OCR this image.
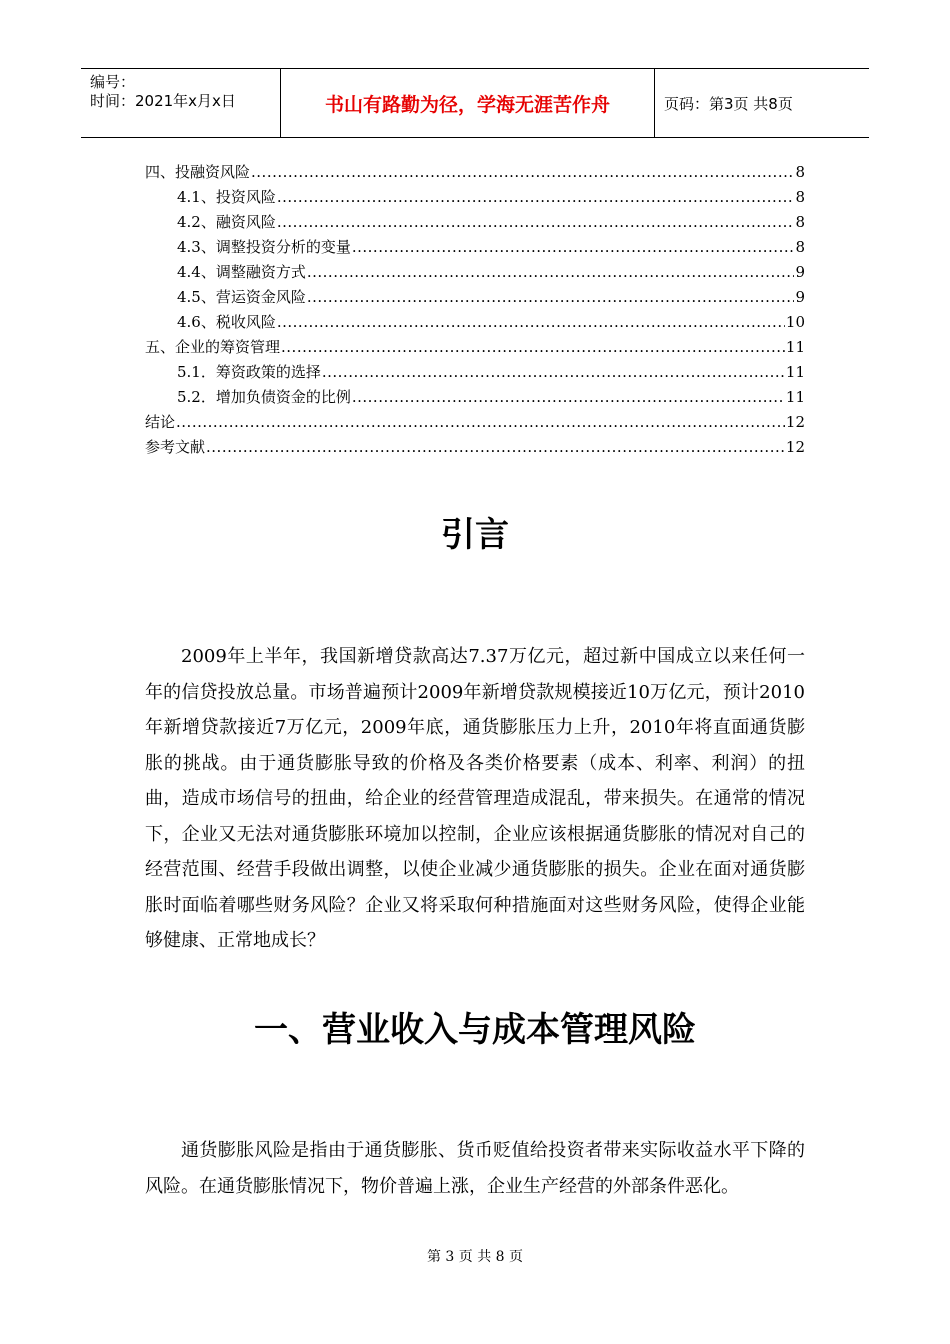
编号：
时间：2021年x月x日	书山有路勤为径，学海无涯苦作舟	页码：第3页 共8页
四、投融资风险 .....	8
4.1、投资风险 .....	8
4.2、融资风险 .....	8
4.3、调整投资分析的变量 .....	8
4.4、调整融资方式 .....	9
4.5、营运资金风险 .....	9
4.6、税收风险 .....	10
五、企业的筹资管理 .....	11
5.1．筹资政策的选择 .....	11
5.2．增加负债资金的比例 .....	11
结论 .....	12
参考文献 .....	12
引言
2009年上半年，我国新增贷款高达7.37万亿元，超过新中国成立以来任何一年的信贷投放总量。市场普遍预计2009年新增贷款规模接近10万亿元，预计2010年新增贷款接近7万亿元，2009年底，通货膨胀压力上升，2010年将直面通货膨胀的挑战。由于通货膨胀导致的价格及各类价格要素（成本、利率、利润）的扭曲，造成市场信号的扭曲，给企业的经营管理造成混乱，带来损失。在通常的情况下，企业又无法对通货膨胀环境加以控制，企业应该根据通货膨胀的情况对自己的经营范围、经营手段做出调整，以使企业减少通货膨胀的损失。企业在面对通货膨胀时面临着哪些财务风险？企业又将采取何种措施面对这些财务风险，使得企业能够健康、正常地成长？
一、营业收入与成本管理风险
通货膨胀风险是指由于通货膨胀、货币贬值给投资者带来实际收益水平下降的风险。在通货膨胀情况下，物价普遍上涨，企业生产经营的外部条件恶化。
第 3 页 共 8 页
